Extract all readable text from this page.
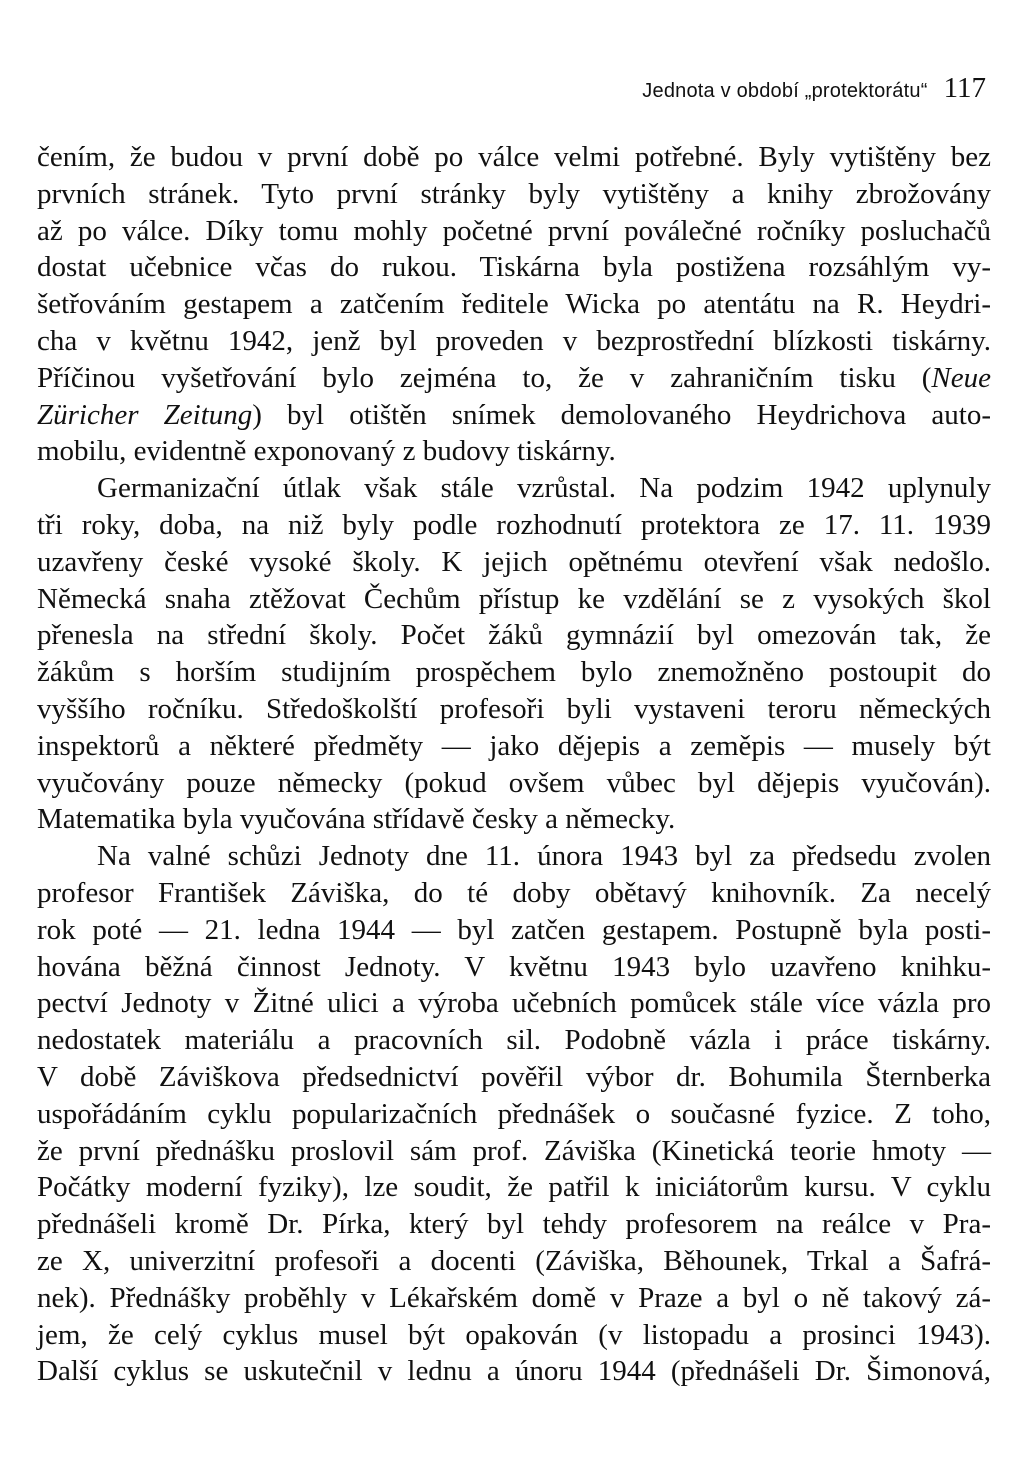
Jednota v období „protektorátu“ 117
čením, že budou v první době po válce velmi potřebné. Byly vytištěny bez
prvních stránek. Tyto první stránky byly vytištěny a knihy zbrožovány
až po válce. Díky tomu mohly početné první poválečné ročníky posluchačů
dostat učebnice včas do rukou. Tiskárna byla postižena rozsáhlým vy-
šetřováním gestapem a zatčením ředitele Wicka po atentátu na R. Heydri-
cha v květnu 1942, jenž byl proveden v bezprostřední blízkosti tiskárny.
Příčinou vyšetřování bylo zejména to, že v zahraničním tisku (Neue
Züricher Zeitung) byl otištěn snímek demolovaného Heydrichova auto-
mobilu, evidentně exponovaný z budovy tiskárny.
Germanizační útlak však stále vzrůstal. Na podzim 1942 uplynuly
tři roky, doba, na niž byly podle rozhodnutí protektora ze 17. 11. 1939
uzavřeny české vysoké školy. K jejich opětnému otevření však nedošlo.
Německá snaha ztěžovat Čechům přístup ke vzdělání se z vysokých škol
přenesla na střední školy. Počet žáků gymnázií byl omezován tak, že
žákům s horším studijním prospěchem bylo znemožněno postoupit do
vyššího ročníku. Středoškolští profesoři byli vystaveni teroru německých
inspektorů a některé předměty — jako dějepis a zeměpis — musely být
vyučovány pouze německy (pokud ovšem vůbec byl dějepis vyučován).
Matematika byla vyučována střídavě česky a německy.
Na valné schůzi Jednoty dne 11. února 1943 byl za předsedu zvolen
profesor František Záviška, do té doby obětavý knihovník. Za necelý
rok poté — 21. ledna 1944 — byl zatčen gestapem. Postupně byla posti-
hována běžná činnost Jednoty. V květnu 1943 bylo uzavřeno knihku-
pectví Jednoty v Žitné ulici a výroba učebních pomůcek stále více vázla pro
nedostatek materiálu a pracovních sil. Podobně vázla i práce tiskárny.
V době Záviškova předsednictví pověřil výbor dr. Bohumila Šternberka
uspořádáním cyklu popularizačních přednášek o současné fyzice. Z toho,
že první přednášku proslovil sám prof. Záviška (Kinetická teorie hmoty —
Počátky moderní fyziky), lze soudit, že patřil k iniciátorům kursu. V cyklu
přednášeli kromě Dr. Pírka, který byl tehdy profesorem na reálce v Pra-
ze X, univerzitní profesoři a docenti (Záviška, Běhounek, Trkal a Šafrá-
nek). Přednášky proběhly v Lékařském domě v Praze a byl o ně takový zá-
jem, že celý cyklus musel být opakován (v listopadu a prosinci 1943).
Další cyklus se uskutečnil v lednu a únoru 1944 (přednášeli Dr. Šimonová,
